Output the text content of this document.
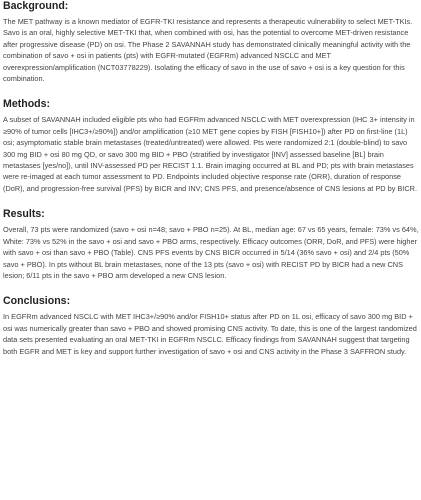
Background:

The MET pathway is a known mediator of EGFR-TKI resistance and represents a therapeutic vulnerability to select MET-TKIs. Savo is an oral, highly selective MET-TKI that, when combined with osi, has the potential to overcome MET-driven resistance after progressive disease (PD) on osi. The Phase 2 SAVANNAH study has demonstrated clinically meaningful activity with the combination of savo + osi in patients (pts) with EGFR-mutated (EGFRm) advanced NSCLC and MET overexpression/amplification (NCT03778229). Isolating the efficacy of savo in the use of savo + osi is a key question for this combination.

Methods:

A subset of SAVANNAH included eligible pts who had EGFRm advanced NSCLC with MET overexpression (IHC 3+ intensity in ≥90% of tumor cells [IHC3+/≥90%]) and/or amplification (≥10 MET gene copies by FISH [FISH10+]) after PD on first-line (1L) osi; asymptomatic stable brain metastases (treated/untreated) were allowed. Pts were randomized 2:1 (double-blind) to savo 300 mg BID + osi 80 mg QD, or savo 300 mg BID + PBO (stratified by investigator [INV] assessed baseline [BL] brain metastases [yes/no]), until INV-assessed PD per RECIST 1.1. Brain imaging occurred at BL and PD; pts with brain metastases were re-imaged at each tumor assessment to PD. Endpoints included objective response rate (ORR), duration of response (DoR), and progression-free survival (PFS) by BICR and INV; CNS PFS, and presence/absence of CNS lesions at PD by BICR.

Results:

Overall, 73 pts were randomized (savo + osi n=48; savo + PBO n=25). At BL, median age: 67 vs 65 years, female: 73% vs 64%, White: 73% vs 52% in the savo + osi and savo + PBO arms, respectively. Efficacy outcomes (ORR, DoR, and PFS) were higher with savo + osi than savo + PBO (Table). CNS PFS events by CNS BICR occurred in 5/14 (36% savo + osi) and 2/4 pts (50% savo + PBO). In pts without BL brain metastases, none of the 13 pts (savo + osi) with RECIST PD by BICR had a new CNS lesion; 6/11 pts in the savo + PBO arm developed a new CNS lesion.

Conclusions:

In EGFRm advanced NSCLC with MET IHC3+/≥90% and/or FISH10+ status after PD on 1L osi, efficacy of savo 300 mg BID + osi was numerically greater than savo + PBO and showed promising CNS activity. To date, this is one of the largest randomized data sets presented evaluating an oral MET-TKI in EGFRm NSCLC. Efficacy findings from SAVANNAH suggest that targeting both EGFR and MET is key and support further investigation of savo + osi and CNS activity in the Phase 3 SAFFRON study.
